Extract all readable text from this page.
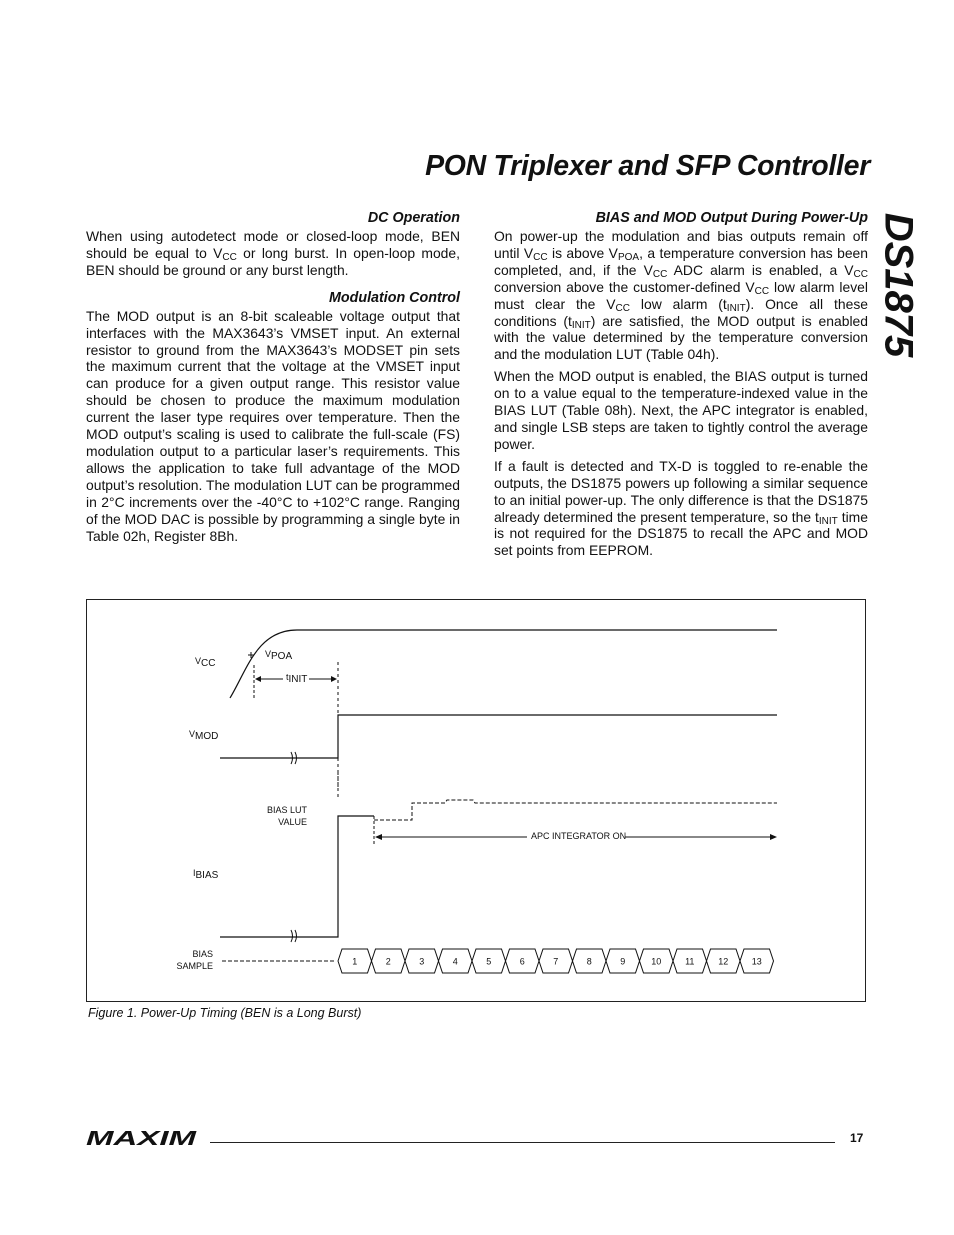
PON Triplexer and SFP Controller
DS1875
DC Operation

When using autodetect mode or closed-loop mode, BEN should be equal to $V_{CC}$ or long burst. In open-loop mode, BEN should be ground or any burst length.

Modulation Control

The MOD output is an 8-bit scaleable voltage output that interfaces with the MAX3643’s VMSET input. An external resistor to ground from the MAX3643’s MODSET pin sets the maximum current that the voltage at the VMSET input can produce for a given output range. This resistor value should be chosen to produce the maximum modulation current the laser type requires over temperature. Then the MOD output’s scaling is used to calibrate the full-scale (FS) modulation output to a particular laser’s requirements. This allows the application to take full advantage of the MOD output’s resolution. The modulation LUT can be programmed in 2°C increments over the -40°C to +102°C range. Ranging of the MOD DAC is possible by programming a single byte in Table 02h, Register 8Bh.

BIAS and MOD Output During Power-Up

On power-up the modulation and bias outputs remain off until $V_{CC}$ is above $V_{POA}$, a temperature conversion has been completed, and, if the $V_{CC}$ ADC alarm is enabled, a $V_{CC}$ conversion above the customer-defined $V_{CC}$ low alarm level must clear the $V_{CC}$ low alarm $(t_{INIT})$. Once all these conditions $(t_{INIT})$ are satisfied, the MOD output is enabled with the value determined by the temperature conversion and the modulation LUT (Table 04h).

When the MOD output is enabled, the BIAS output is turned on to a value equal to the temperature-indexed value in the BIAS LUT (Table 08h). Next, the APC integrator is enabled, and single LSB steps are taken to tightly control the average power.

If a fault is detected and TX-D is toggled to re-enable the outputs, the DS1875 powers up following a similar sequence to an initial power-up. The only difference is that the DS1875 already determined the present temperature, so the $t_{INIT}$ time is not required for the DS1875 to recall the APC and MOD set points from EEPROM.

1	2	3	4	5	6	7	8	9	10	11	12	13
$V_{CC}$
$V_{POA}$
$t_{INIT}$
$V_{MOD}$
BIAS LUT
VALUE
APC INTEGRATOR ON
$I_{BIAS}$
BIAS
SAMPLE
Figure 1. Power-Up Timing (BEN is a Long Burst)
MAXIM	17
